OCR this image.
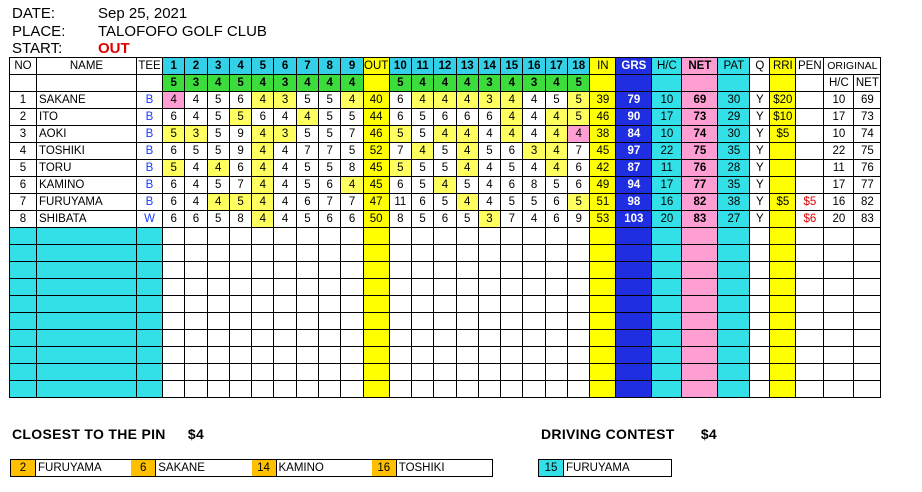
DATE:	Sep 25, 2021
PLACE: TALOFOFO GOLF CLUB
START: OUT
NO	NAME	TEE	1	2	3	4	5	6	7	8	9	OUT	10	11	12	13	14	15	16	17	18	IN	GRS	H/C	NET	PAT	Q	RRI	PEN	ORIGINAL	
			5	3	4	5	4	3	4	4	4		5	4	4	4	3	4	3	4	5									H/C	NET
1	SAKANE	B	4	4	5	6	4	3	5	5	4	40	6	4	4	4	3	4	4	5	5	39	79	10	69	30	Y	$20		10	69
2	ITO	B	6	4	5	5	6	4	4	5	5	44	6	5	6	6	6	4	4	4	5	46	90	17	73	29	Y	$10		17	73
3	AOKI	B	5	3	5	9	4	3	5	5	7	46	5	5	4	4	4	4	4	4	4	38	84	10	74	30	Y	$5		10	74
4	TOSHIKI	B	6	5	5	9	4	4	7	7	5	52	7	4	5	4	5	6	3	4	7	45	97	22	75	35	Y			22	75
5	TORU	B	5	4	4	6	4	4	5	5	8	45	5	5	5	4	4	5	4	4	6	42	87	11	76	28	Y			11	76
6	KAMINO	B	6	4	5	7	4	4	5	6	4	45	6	5	4	5	4	6	8	5	6	49	94	17	77	35	Y			17	77
7	FURUYAMA	B	6	4	4	5	4	4	6	7	7	47	11	6	5	4	4	5	5	6	5	51	98	16	82	38	Y	$5	$5	16	82
8	SHIBATA	W	6	6	5	8	4	4	5	6	6	50	8	5	6	5	3	7	4	6	9	53	103	20	83	27	Y		$6	20	83

CLOSEST TO THE PIN $4	DRIVING CONTEST $4
2	FURUYAMA	6	SAKANE	14 KAMINO	16 TOSHIKI	15 FURUYAMA
